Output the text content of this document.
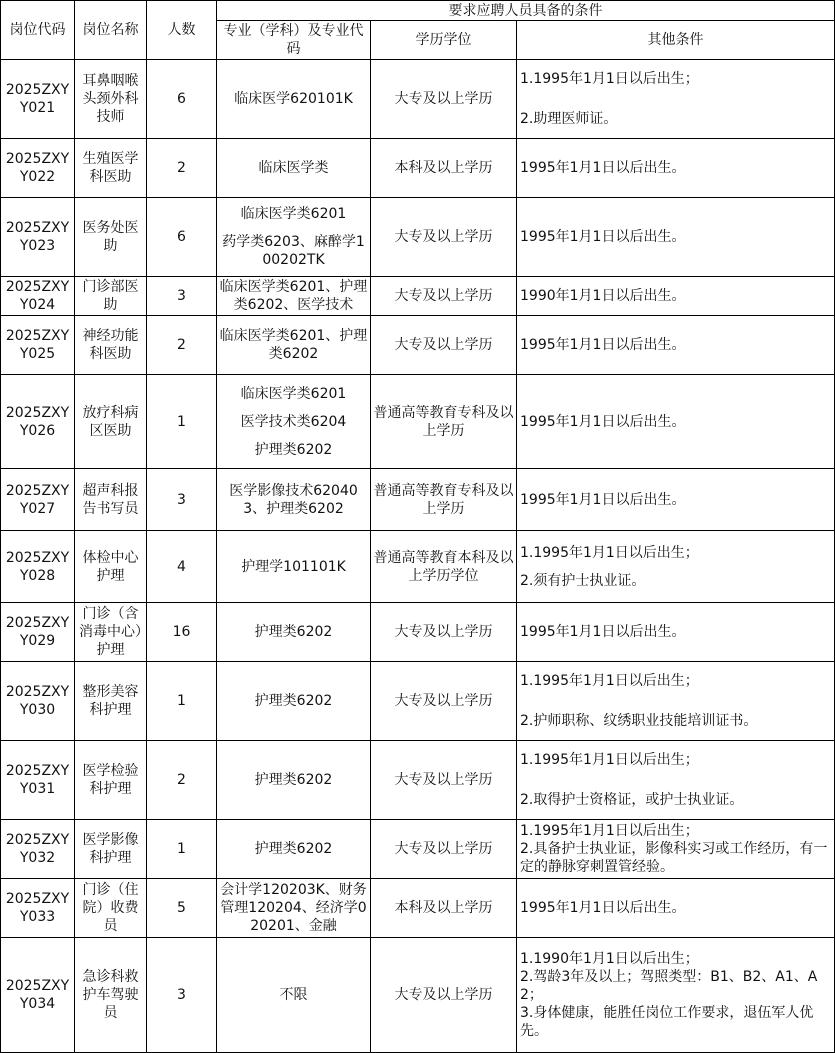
岗位代码	岗位名称	人数	要求应聘人员具备的条件		
			专业（学科）及专业代码	学历学位	其他条件
2025ZXYY021	耳鼻咽喉头颈外科技师	6	临床医学620101K	大专及以上学历	1.1995年1月1日以后出生；
2.助理医师证。

2025ZXYY022	生殖医学科医助	2	临床医学类	本科及以上学历	1995年1月1日以后出生。

2025ZXYY023	医务处医助	6	临床医学类6201
药学类6203、麻醉学100202TK	大专及以上学历	1995年1月1日以后出生。

2025ZXYY024	门诊部医助	3	临床医学类6201、护理类6202、医学技术	大专及以上学历	1990年1月1日以后出生。

2025ZXYY025	神经功能科医助	2	临床医学类6201、护理类6202	大专及以上学历	1995年1月1日以后出生。

2025ZXYY026	放疗科病区医助	1	临床医学类6201
医学技术类6204
护理类6202	普通高等教育专科及以上学历	1995年1月1日以后出生。

2025ZXYY027	超声科报告书写员	3	医学影像技术620403、护理类6202	普通高等教育专科及以上学历	1995年1月1日以后出生。

2025ZXYY028	体检中心护理	4	护理学101101K	普通高等教育本科及以上学历学位	1.1995年1月1日以后出生；
2.须有护士执业证。

2025ZXYY029	门诊（含消毒中心）护理	16	护理类6202	大专及以上学历	1995年1月1日以后出生。

2025ZXYY030	整形美容科护理	1	护理类6202	大专及以上学历	1.1995年1月1日以后出生；
2.护师职称、纹绣职业技能培训证书。

2025ZXYY031	医学检验科护理	2	护理类6202	大专及以上学历	1.1995年1月1日以后出生；
2.取得护士资格证，或护士执业证。

2025ZXYY032	医学影像科护理	1	护理类6202	大专及以上学历	1.1995年1月1日以后出生；
2.具备护士执业证，影像科实习或工作经历，有一定的静脉穿刺置管经验。

2025ZXYY033	门诊（住院）收费员	5	会计学120203K、财务管理120204、经济学020201、金融	本科及以上学历	1995年1月1日以后出生。

2025ZXYY034	急诊科救护车驾驶员	3	不限	大专及以上学历	1.1990年1月1日以后出生；
2.驾龄3年及以上；驾照类型：B1、B2、A1、A2；
3.身体健康，能胜任岗位工作要求，退伍军人优先。
